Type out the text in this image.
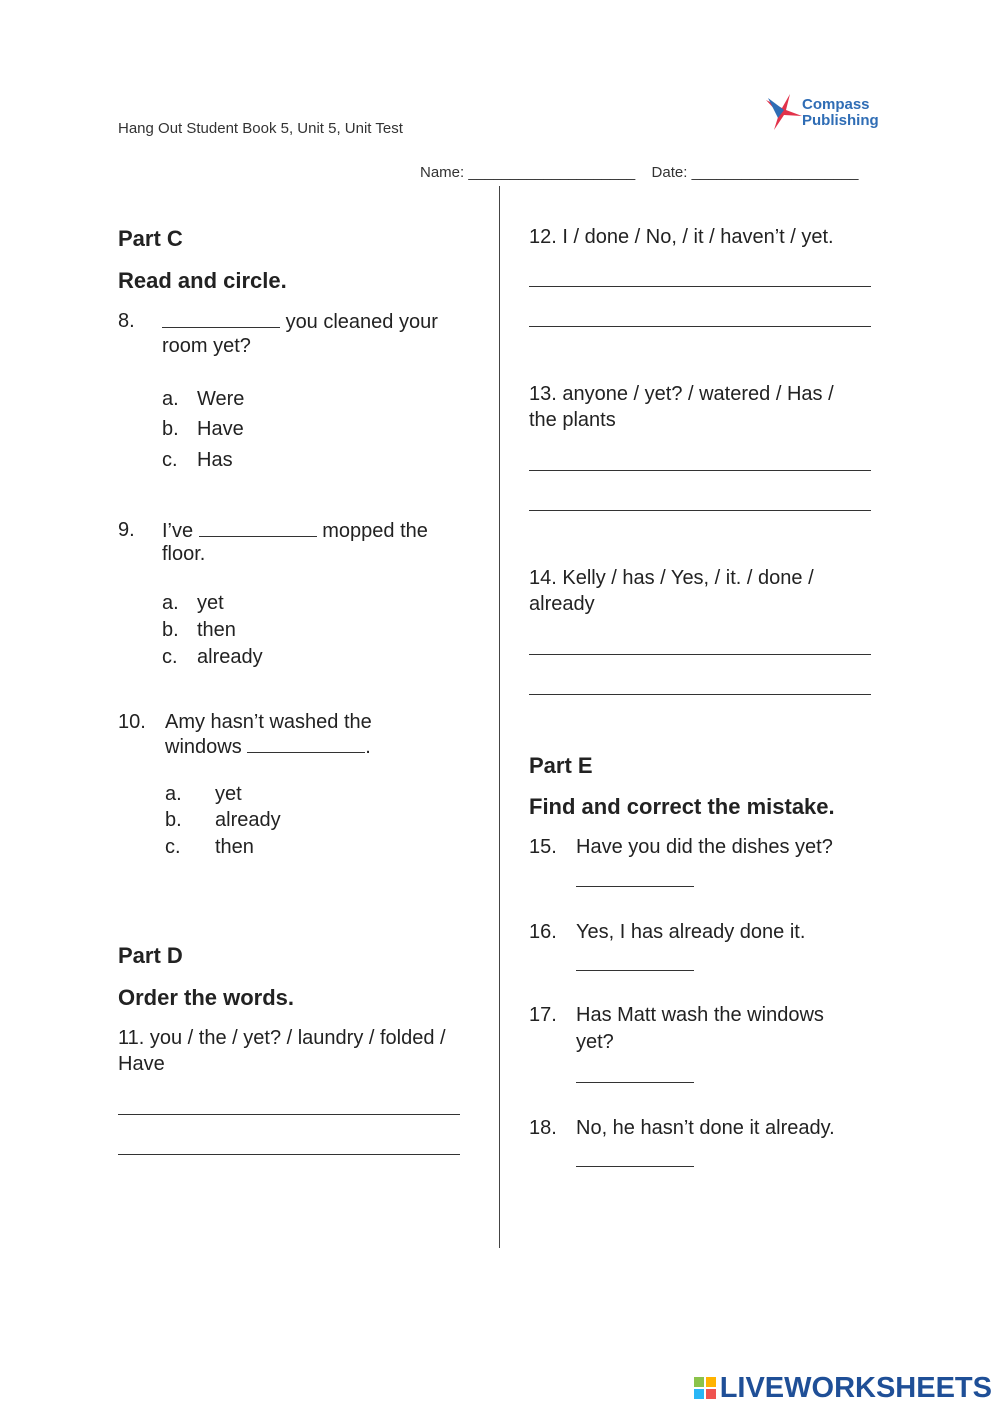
Hang Out Student Book 5, Unit 5, Unit Test
Compass
Publishing
Name: ____________________ Date: ____________________
Part C
Read and circle.
8.	you cleaned your
room yet?
a. Were
b. Have
c. Has
9. I’ve	mopped the
floor.
a. yet
b. then
c. already
10. Amy hasn’t washed the
windows	.
a. yet
b. already
c. then
Part D
Order the words.
11. you / the / yet? / laundry / folded /
Have
12. I / done / No, / it / haven’t / yet.
13. anyone / yet? / watered / Has /
the plants
14. Kelly / has / Yes, / it. / done /
already
Part E
Find and correct the mistake.
15. Have you did the dishes yet?
16. Yes, I has already done it.
17. Has Matt wash the windows
yet?
18. No, he hasn’t done it already.
LIVEWORKSHEETS
